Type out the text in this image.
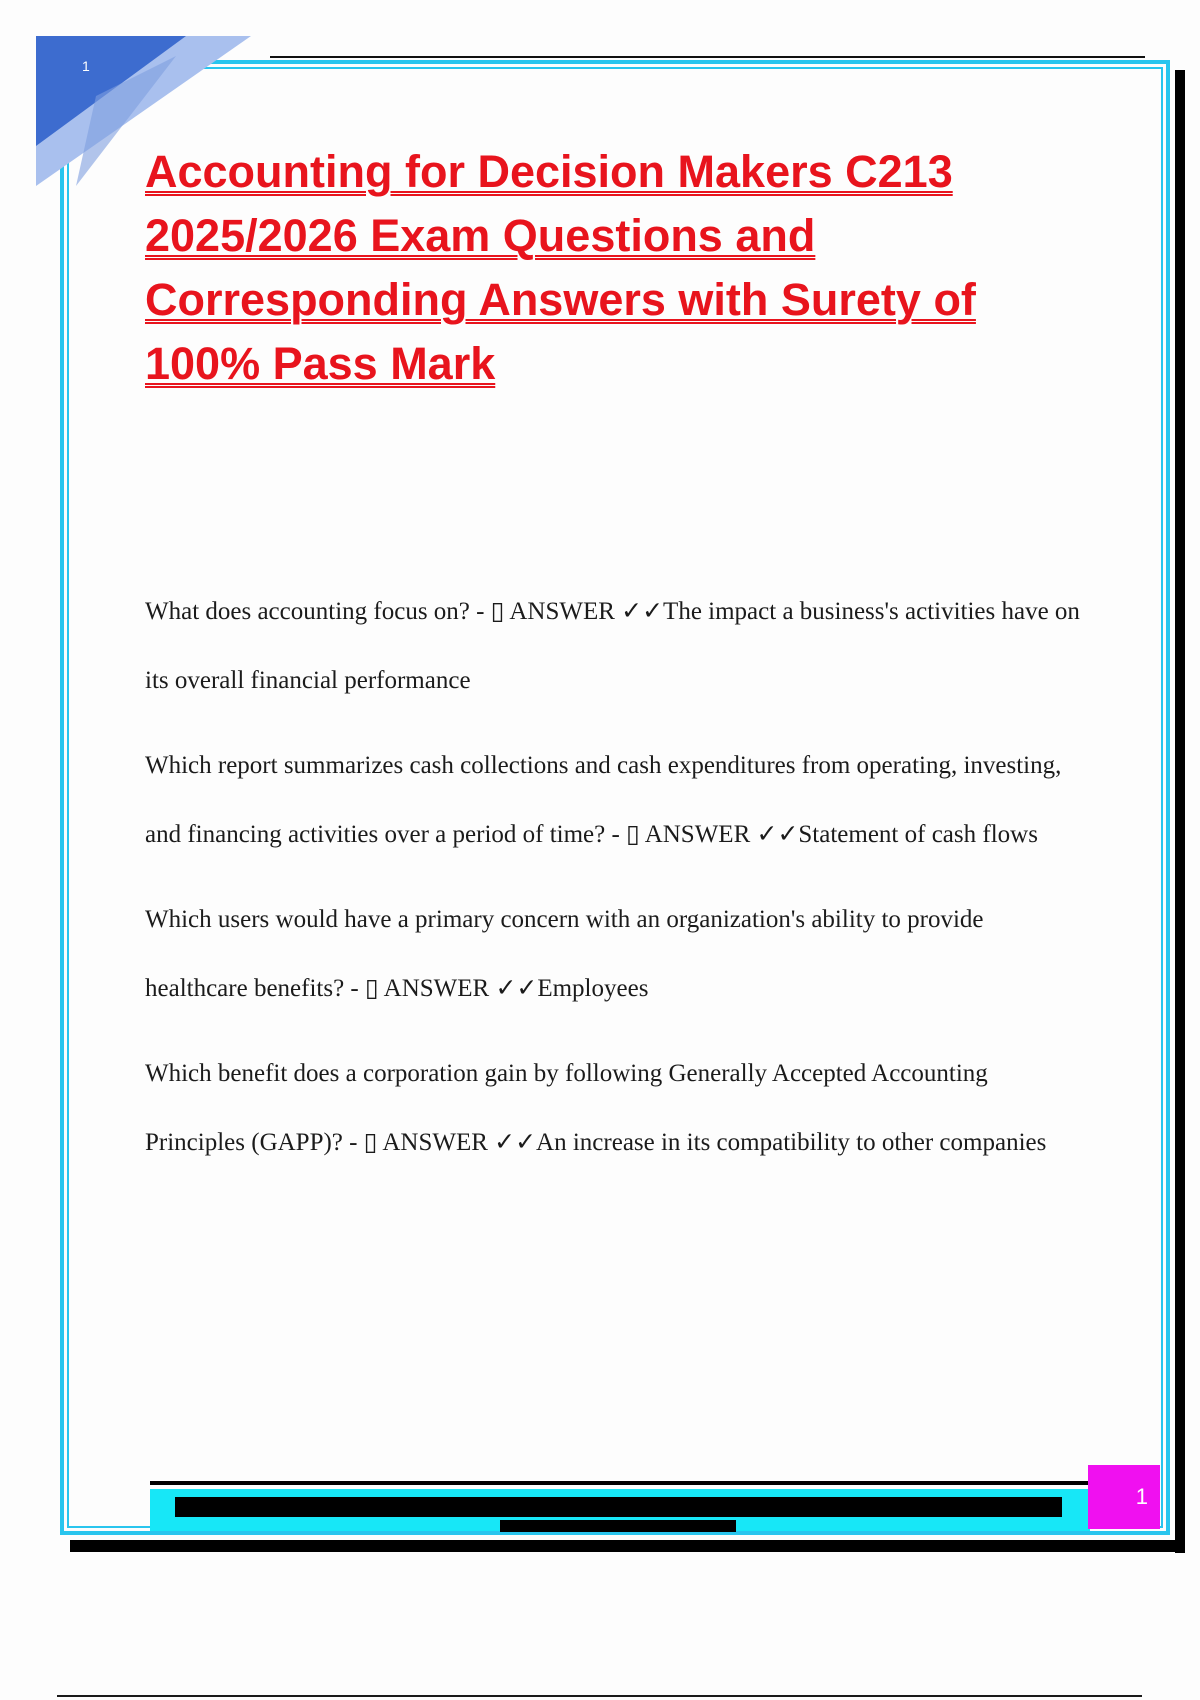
1
Accounting for Decision Makers C213 2025/2026 Exam Questions and Corresponding Answers with Surety of 100% Pass Mark

What does accounting focus on? - ▯ ANSWER ✓✓The impact a business's activities have on its overall financial performance

Which report summarizes cash collections and cash expenditures from operating, investing, and financing activities over a period of time? - ▯ ANSWER ✓✓Statement of cash flows

Which users would have a primary concern with an organization's ability to provide healthcare benefits? - ▯ ANSWER ✓✓Employees

Which benefit does a corporation gain by following Generally Accepted Accounting Principles (GAPP)? - ▯ ANSWER ✓✓An increase in its compatibility to other companies

1
